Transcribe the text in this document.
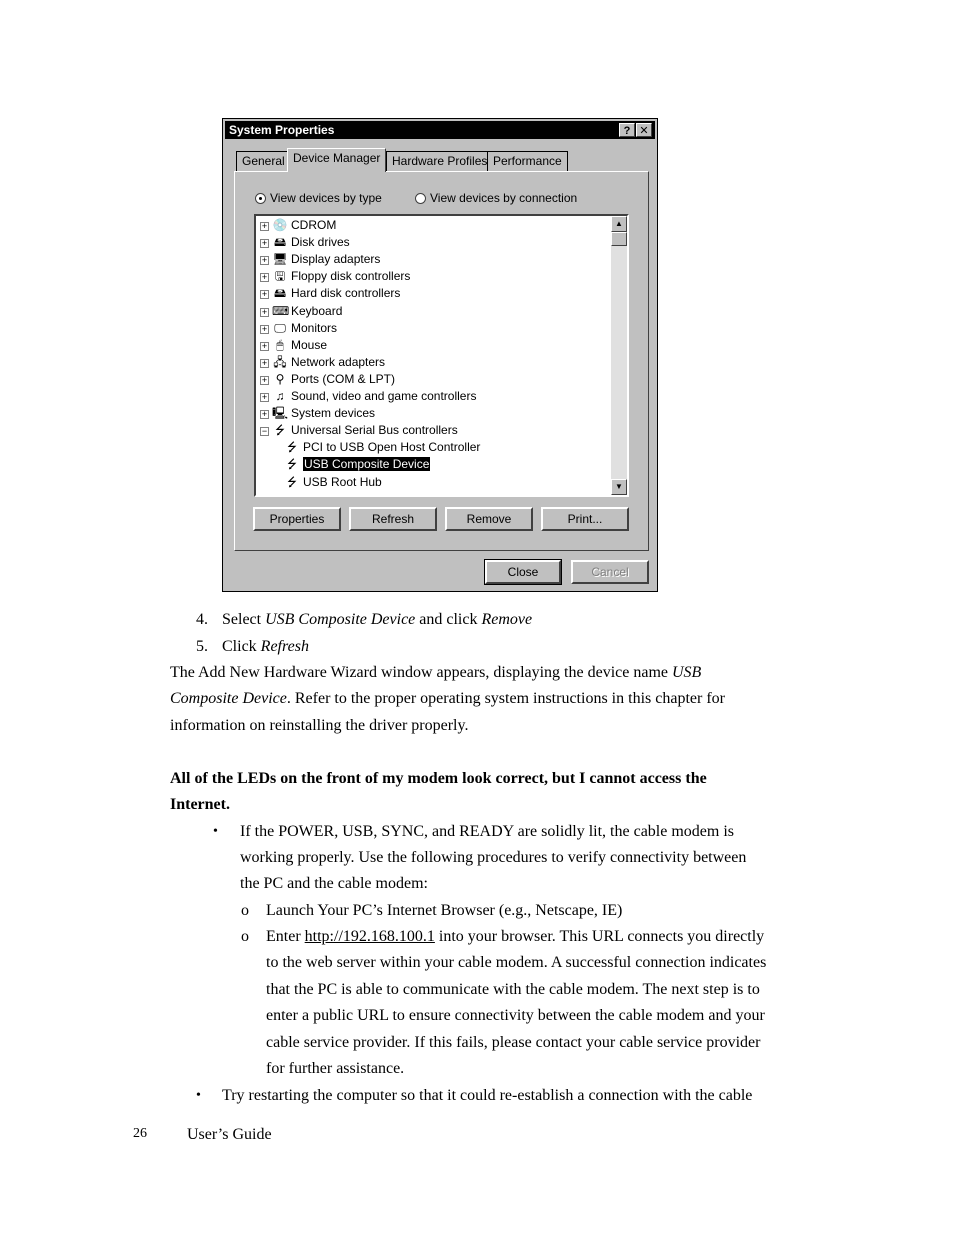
System Properties	? ✕
General Device Manager Hardware Profiles Performance
View devices by type	View devices by connection
▲
▼
+ 💿 CDROM
+ 🖴 Disk drives
+ 🖥 Display adapters
+ 🖫 Floppy disk controllers
+ 🖴 Hard disk controllers
+ ⌨ Keyboard
+ 🖵 Monitors
+ 🖱 Mouse
+ 🖧 Network adapters
+ ⚲ Ports (COM & LPT)
+ ♫ Sound, video and game controllers
+ 🖳 System devices
− ⭍ Universal Serial Bus controllers
⭍ PCI to USB Open Host Controller
⭍ USB Composite Device
⭍ USB Root Hub
Properties	Refresh	Remove	Print...
Close	Cancel
4. Select USB Composite Device and click Remove
5. Click Refresh
The Add New Hardware Wizard window appears, displaying the device name USB
Composite Device. Refer to the proper operating system instructions in this chapter for
information on reinstalling the driver properly.
All of the LEDs on the front of my modem look correct, but I cannot access the
Internet.
• If the POWER, USB, SYNC, and READY are solidly lit, the cable modem is
working properly. Use the following procedures to verify connectivity between
the PC and the cable modem:
o Launch Your PC’s Internet Browser (e.g., Netscape, IE)
o Enter http://192.168.100.1 into your browser. This URL connects you directly
to the web server within your cable modem. A successful connection indicates
that the PC is able to communicate with the cable modem. The next step is to
enter a public URL to ensure connectivity between the cable modem and your
cable service provider. If this fails, please contact your cable service provider
for further assistance.
• Try restarting the computer so that it could re-establish a connection with the cable
26	User’s Guide
